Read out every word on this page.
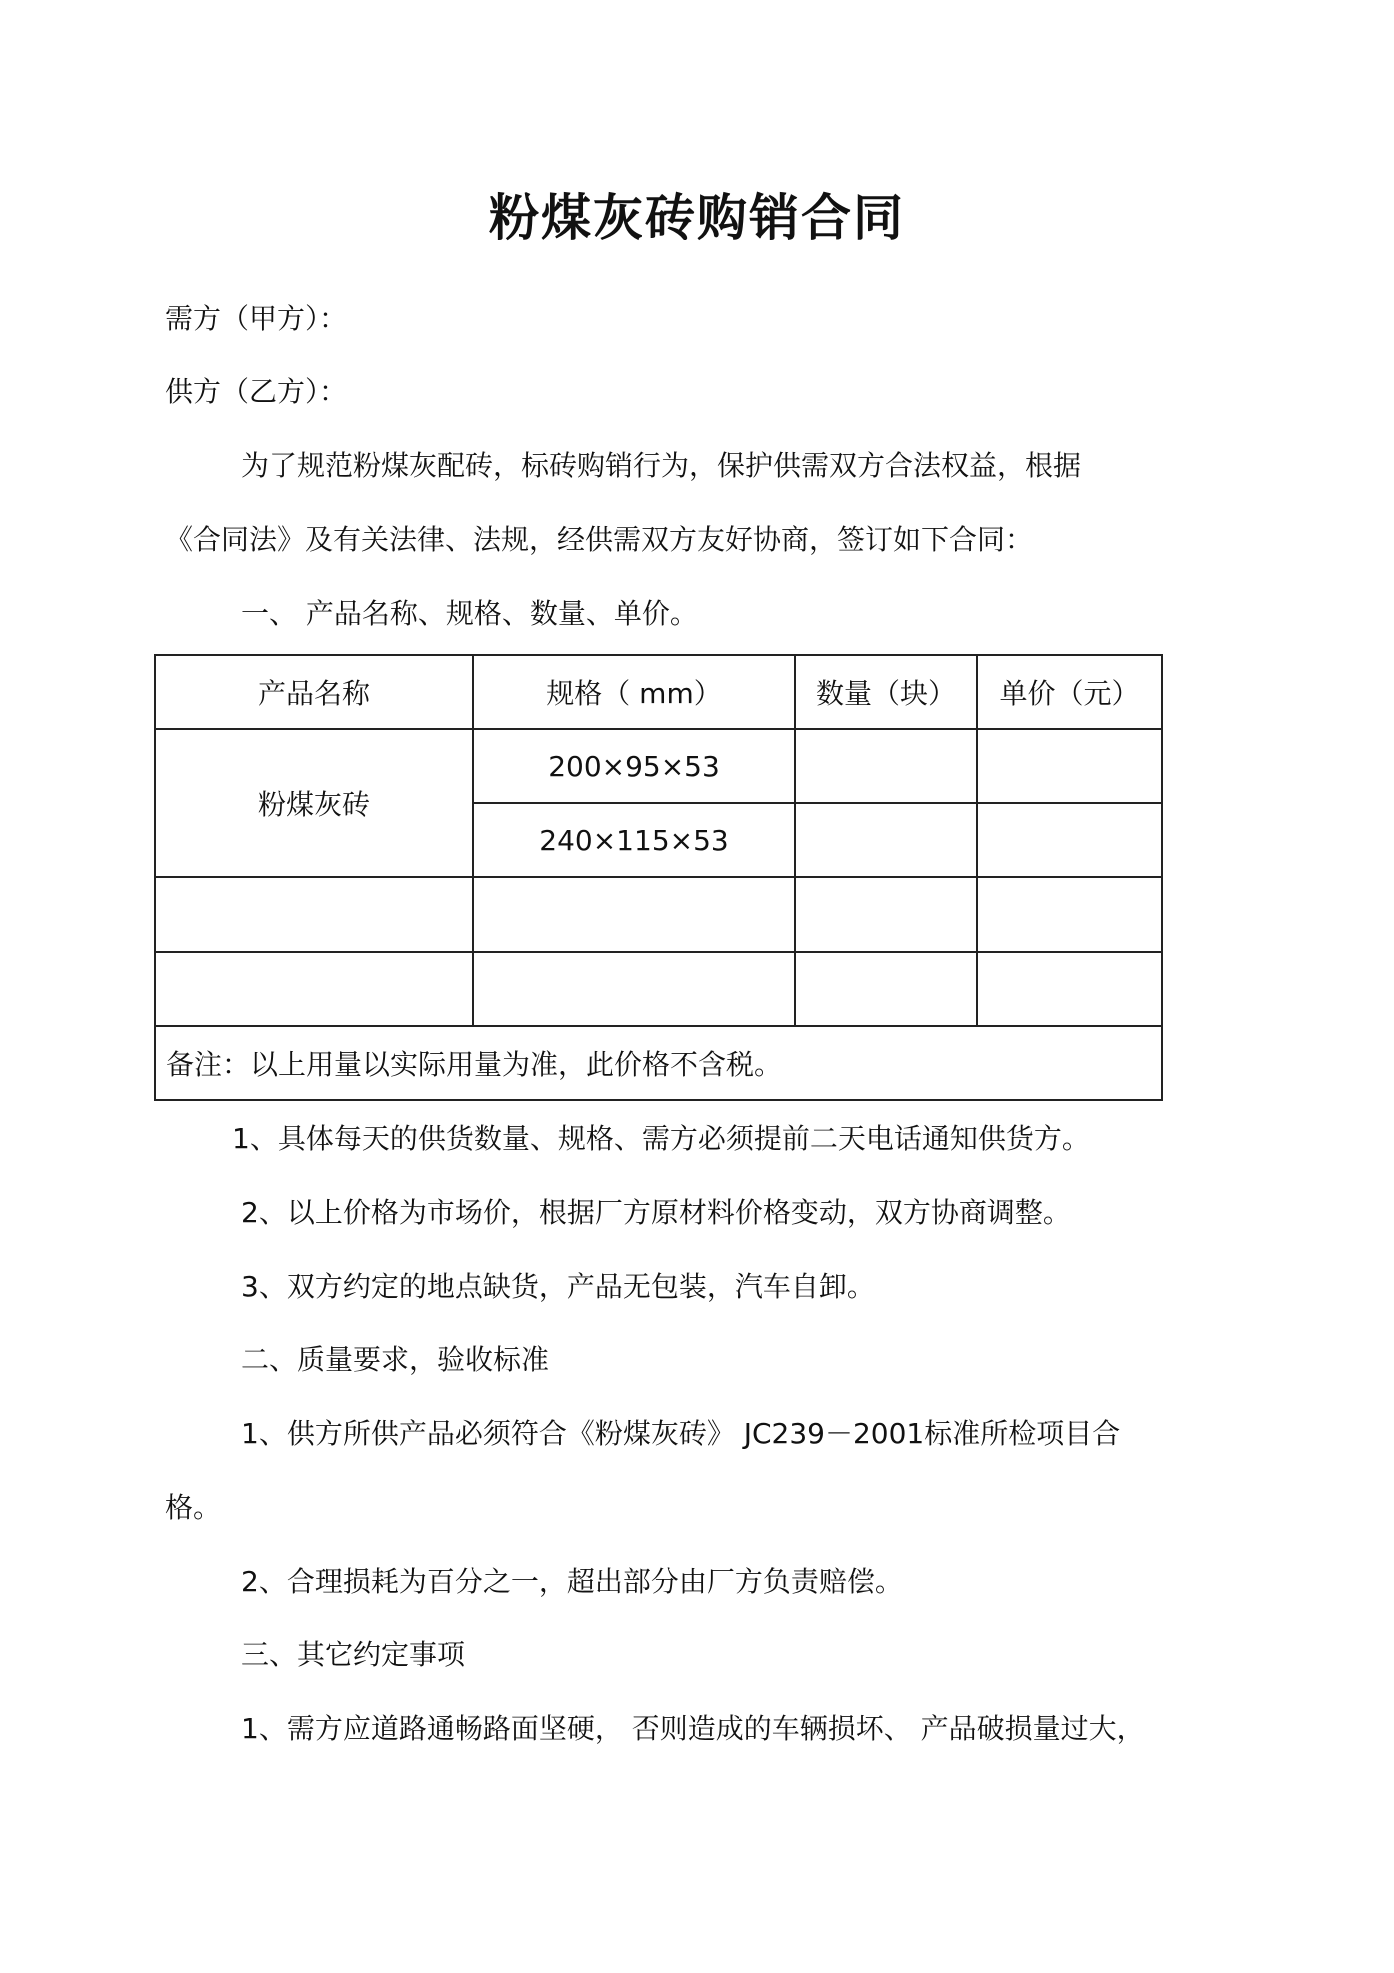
粉煤灰砖购销合同
需方（甲方）：
供方（乙方）：
为了规范粉煤灰配砖，标砖购销行为，保护供需双方合法权益，根据
《合同法》及有关法律、法规，经供需双方友好协商，签订如下合同：
一、 产品名称、规格、数量、单价。
产品名称	规格（ mm）	数量（块）	单价（元）
粉煤灰砖	200×95×53		
	240×115×53		

备注：以上用量以实际用量为准，此价格不含税。			
1、具体每天的供货数量、规格、需方必须提前二天电话通知供货方。
2、以上价格为市场价，根据厂方原材料价格变动，双方协商调整。
3、双方约定的地点缺货，产品无包装，汽车自卸。
二、质量要求，验收标准
1、供方所供产品必须符合《粉煤灰砖》 JC239－2001标准所检项目合
格。
2、合理损耗为百分之一，超出部分由厂方负责赔偿。
三、其它约定事项
1、需方应道路通畅路面坚硬， 否则造成的车辆损坏、 产品破损量过大，
